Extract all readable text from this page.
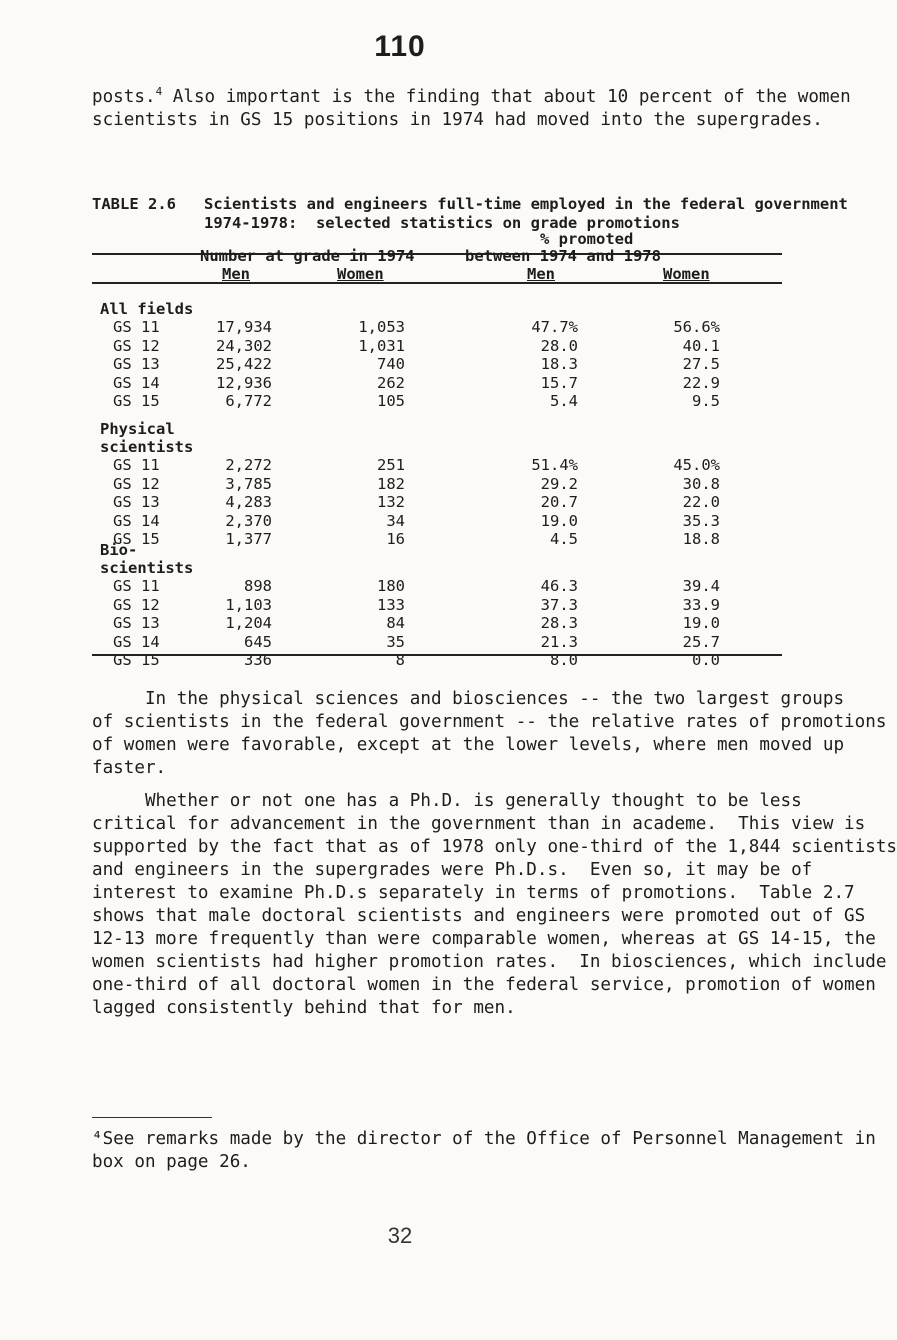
110
posts.$^4$ Also important is the finding that about 10 percent of the women
scientists in GS 15 positions in 1974 had moved into the supergrades.
TABLE 2.6   Scientists and engineers full-time employed in the federal government
1974-1978:  selected statistics on grade promotions
Number at grade in 1974
% promoted
between 1974 and 1978
Men	Women	Men	Women
All fields
GS 11	17,934	1,053	47.7%	56.6%
GS 12	24,302	1,031	28.0	40.1
GS 13	25,422	740	18.3	27.5
GS 14	12,936	262	15.7	22.9
GS 15	6,772	105	5.4	9.5
Physical
scientists
GS 11	2,272	251	51.4%	45.0%
GS 12	3,785	182	29.2	30.8
GS 13	4,283	132	20.7	22.0
GS 14	2,370	34	19.0	35.3
GS 15	1,377	16	4.5	18.8
Bio-
scientists
GS 11	898	180	46.3	39.4
GS 12	1,103	133	37.3	33.9
GS 13	1,204	84	28.3	19.0
GS 14	645	35	21.3	25.7
GS 15	336	8	8.0	0.0
In the physical sciences and biosciences -- the two largest groups
of scientists in the federal government -- the relative rates of promotions
of women were favorable, except at the lower levels, where men moved up
faster.
Whether or not one has a Ph.D. is generally thought to be less
critical for advancement in the government than in academe.  This view is
supported by the fact that as of 1978 only one-third of the 1,844 scientists
and engineers in the supergrades were Ph.D.s.  Even so, it may be of
interest to examine Ph.D.s separately in terms of promotions.  Table 2.7
shows that male doctoral scientists and engineers were promoted out of GS
12-13 more frequently than were comparable women, whereas at GS 14-15, the
women scientists had higher promotion rates.  In biosciences, which include
one-third of all doctoral women in the federal service, promotion of women
lagged consistently behind that for men.
⁴See remarks made by the director of the Office of Personnel Management in
box on page 26.
32
